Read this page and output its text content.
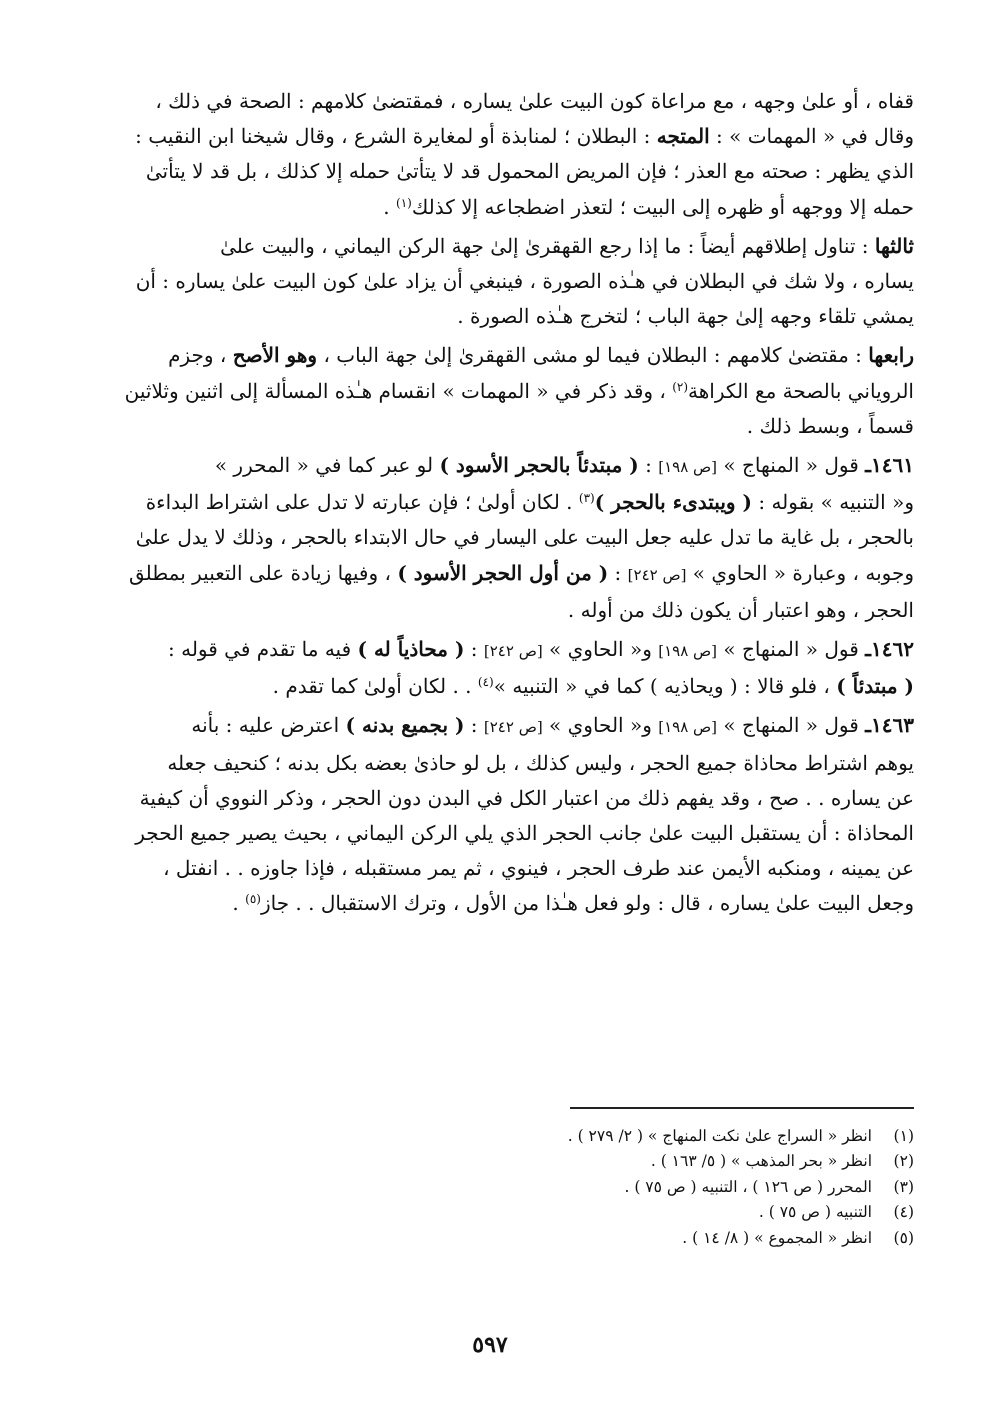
قفاه ، أو علىٰ وجهه ، مع مراعاة كون البيت علىٰ يساره ، فمقتضىٰ كلامهم : الصحة في ذلك ،
وقال في « المهمات » : المتجه : البطلان ؛ لمنابذة أو لمغايرة الشرع ، وقال شيخنا ابن النقيب :
الذي يظهر : صحته مع العذر ؛ فإن المريض المحمول قد لا يتأتىٰ حمله إلا كذلك ، بل قد لا يتأتىٰ
حمله إلا ووجهه أو ظهره إلى البيت ؛ لتعذر اضطجاعه إلا كذلك$^{(١)}$ .
ثالثها : تناول إطلاقهم أيضاً : ما إذا رجع القهقرىٰ إلىٰ جهة الركن اليماني ، والبيت علىٰ
يساره ، ولا شك في البطلان في هـٰذه الصورة ، فينبغي أن يزاد علىٰ كون البيت علىٰ يساره : أن
يمشي تلقاء وجهه إلىٰ جهة الباب ؛ لتخرج هـٰذه الصورة .
رابعها : مقتضىٰ كلامهم : البطلان فيما لو مشى القهقرىٰ إلىٰ جهة الباب ، وهو الأصح ، وجزم
الروياني بالصحة مع الكراهة$^{(٢)}$ ، وقد ذكر في « المهمات » انقسام هـٰذه المسألة إلى اثنين وثلاثين
قسماً ، وبسط ذلك .
١٤٦١ـ قول « المنهاج » [ص ١٩٨] : ( مبتدئاً بالحجر الأسود ) لو عبر كما في « المحرر »
و« التنبيه » بقوله : ( ويبتدىء بالحجر )$^{(٣)}$ . لكان أولىٰ ؛ فإن عبارته لا تدل على اشتراط البداءة
بالحجر ، بل غاية ما تدل عليه جعل البيت على اليسار في حال الابتداء بالحجر ، وذلك لا يدل علىٰ
وجوبه ، وعبارة « الحاوي » [ص ٢٤٢] : ( من أول الحجر الأسود ) ، وفيها زيادة على التعبير بمطلق
الحجر ، وهو اعتبار أن يكون ذلك من أوله .
١٤٦٢ـ قول « المنهاج » [ص ١٩٨] و« الحاوي » [ص ٢٤٢] : ( محاذياً له ) فيه ما تقدم في قوله :
( مبتدئاً ) ، فلو قالا : ( ويحاذيه ) كما في « التنبيه »$^{(٤)}$ . . لكان أولىٰ كما تقدم .
١٤٦٣ـ قول « المنهاج » [ص ١٩٨] و« الحاوي » [ص ٢٤٢] : ( بجميع بدنه ) اعترض عليه : بأنه
يوهم اشتراط محاذاة جميع الحجر ، وليس كذلك ، بل لو حاذىٰ بعضه بكل بدنه ؛ كنحيف جعله
عن يساره . . صح ، وقد يفهم ذلك من اعتبار الكل في البدن دون الحجر ، وذكر النووي أن كيفية
المحاذاة : أن يستقبل البيت علىٰ جانب الحجر الذي يلي الركن اليماني ، بحيث يصير جميع الحجر
عن يمينه ، ومنكبه الأيمن عند طرف الحجر ، فينوي ، ثم يمر مستقبله ، فإذا جاوزه . . انفتل ،
وجعل البيت علىٰ يساره ، قال : ولو فعل هـٰذا من الأول ، وترك الاستقبال . . جاز$^{(٥)}$ .
(١)
انظر « السراج علىٰ نكت المنهاج » ( ٢/ ٢٧٩ ) .
(٢)
انظر « بحر المذهب » ( ٥/ ١٦٣ ) .
(٣)
المحرر ( ص ١٢٦ ) ، التنبيه ( ص ٧٥ ) .
(٤)
التنبيه ( ص ٧٥ ) .
(٥)
انظر « المجموع » ( ٨/ ١٤ ) .
٥٩٧
